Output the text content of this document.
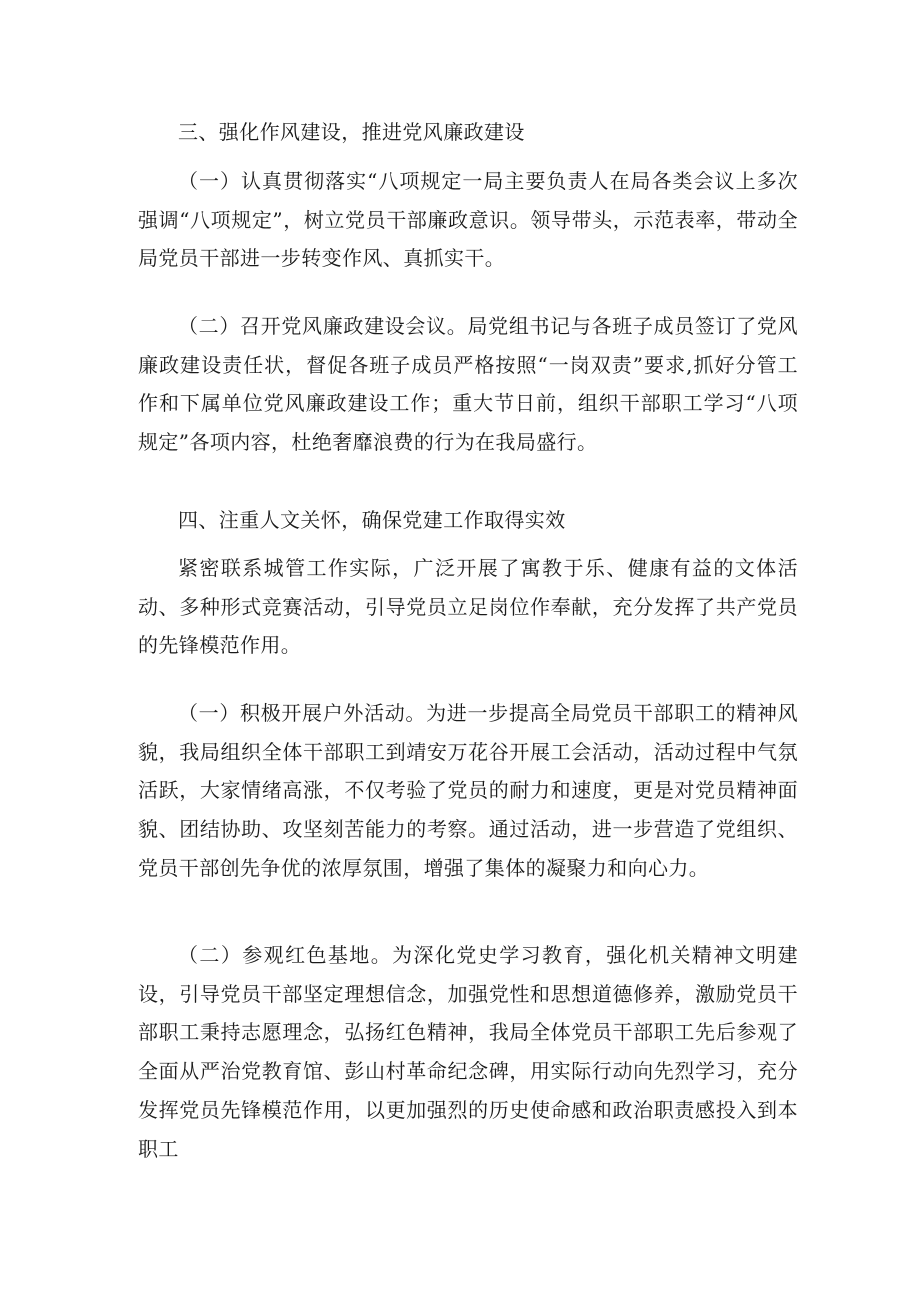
三、强化作风建设，推进党风廉政建设

（一）认真贯彻落实“八项规定一局主要负责人在局各类会议上多次强调“八项规定”，树立党员干部廉政意识。领导带头，示范表率，带动全局党员干部进一步转变作风、真抓实干。

（二）召开党风廉政建设会议。局党组书记与各班子成员签订了党风廉政建设责任状，督促各班子成员严格按照“一岗双责”要求,抓好分管工作和下属单位党风廉政建设工作；重大节日前，组织干部职工学习“八项规定”各项内容，杜绝奢靡浪费的行为在我局盛行。

四、注重人文关怀，确保党建工作取得实效

紧密联系城管工作实际，广泛开展了寓教于乐、健康有益的文体活动、多种形式竞赛活动，引导党员立足岗位作奉献，充分发挥了共产党员的先锋模范作用。

（一）积极开展户外活动。为进一步提高全局党员干部职工的精神风貌，我局组织全体干部职工到靖安万花谷开展工会活动，活动过程中气氛活跃，大家情绪高涨，不仅考验了党员的耐力和速度，更是对党员精神面貌、团结协助、攻坚刻苦能力的考察。通过活动，进一步营造了党组织、党员干部创先争优的浓厚氛围，增强了集体的凝聚力和向心力。

（二）参观红色基地。为深化党史学习教育，强化机关精神文明建设，引导党员干部坚定理想信念，加强党性和思想道德修养，激励党员干部职工秉持志愿理念，弘扬红色精神，我局全体党员干部职工先后参观了全面从严治党教育馆、彭山村革命纪念碑，用实际行动向先烈学习，充分发挥党员先锋模范作用，以更加强烈的历史使命感和政治职责感投入到本职工
